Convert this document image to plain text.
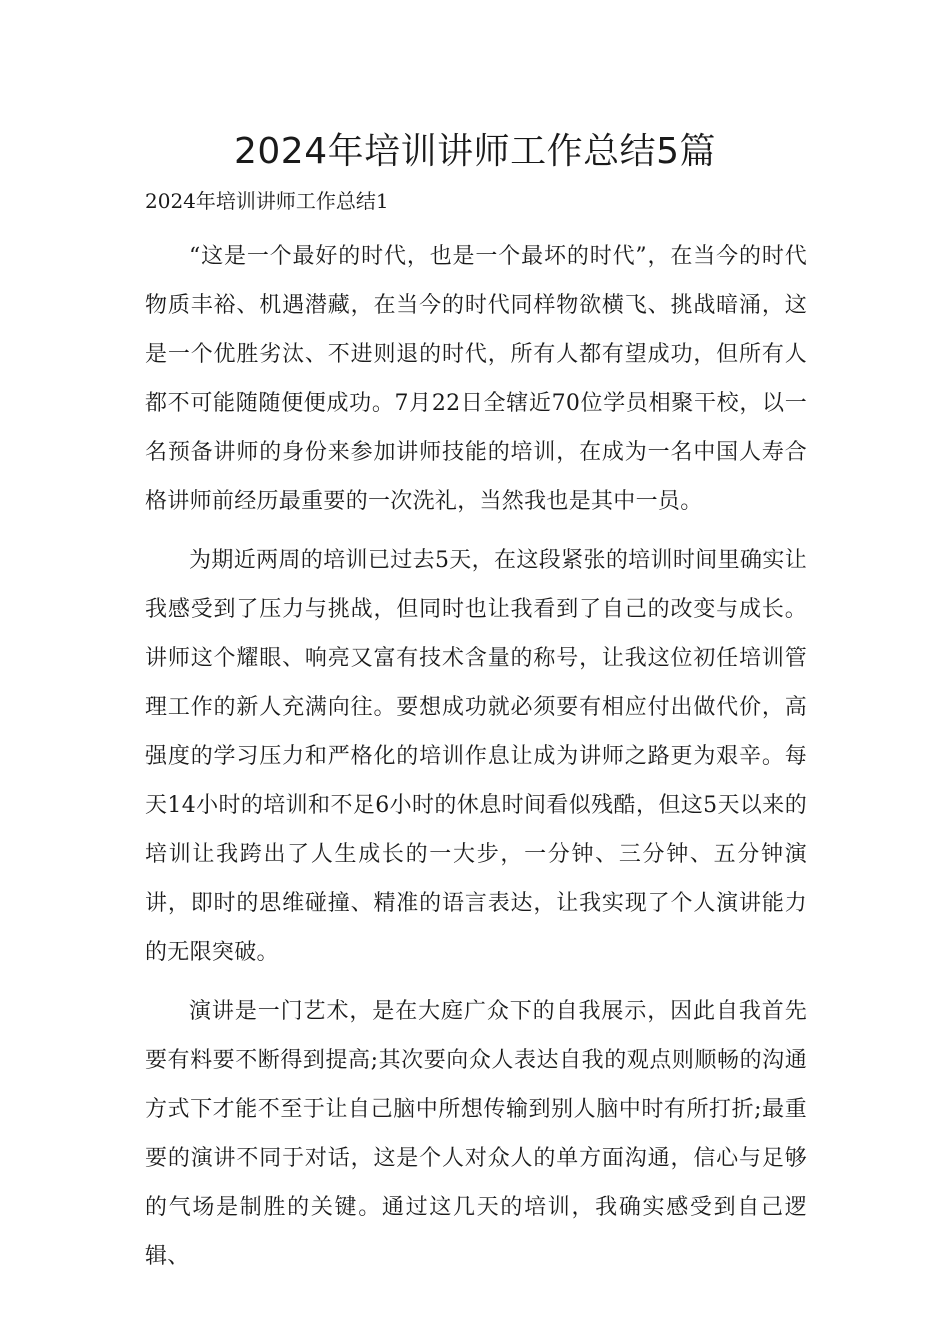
2024年培训讲师工作总结5篇
2024年培训讲师工作总结1

“这是一个最好的时代，也是一个最坏的时代”，在当今的时代物质丰裕、机遇潜藏，在当今的时代同样物欲横飞、挑战暗涌，这是一个优胜劣汰、不进则退的时代，所有人都有望成功，但所有人都不可能随随便便成功。7月22日全辖近70位学员相聚干校，以一名预备讲师的身份来参加讲师技能的培训，在成为一名中国人寿合格讲师前经历最重要的一次洗礼，当然我也是其中一员。

为期近两周的培训已过去5天，在这段紧张的培训时间里确实让我感受到了压力与挑战，但同时也让我看到了自己的改变与成长。讲师这个耀眼、响亮又富有技术含量的称号，让我这位初任培训管理工作的新人充满向往。要想成功就必须要有相应付出做代价，高强度的学习压力和严格化的培训作息让成为讲师之路更为艰辛。每天14小时的培训和不足6小时的休息时间看似残酷，但这5天以来的培训让我跨出了人生成长的一大步，一分钟、三分钟、五分钟演讲，即时的思维碰撞、精准的语言表达，让我实现了个人演讲能力的无限突破。

演讲是一门艺术，是在大庭广众下的自我展示，因此自我首先要有料要不断得到提高;其次要向众人表达自我的观点则顺畅的沟通方式下才能不至于让自己脑中所想传输到别人脑中时有所打折;最重要的演讲不同于对话，这是个人对众人的单方面沟通，信心与足够的气场是制胜的关键。通过这几天的培训，我确实感受到自己逻辑、
